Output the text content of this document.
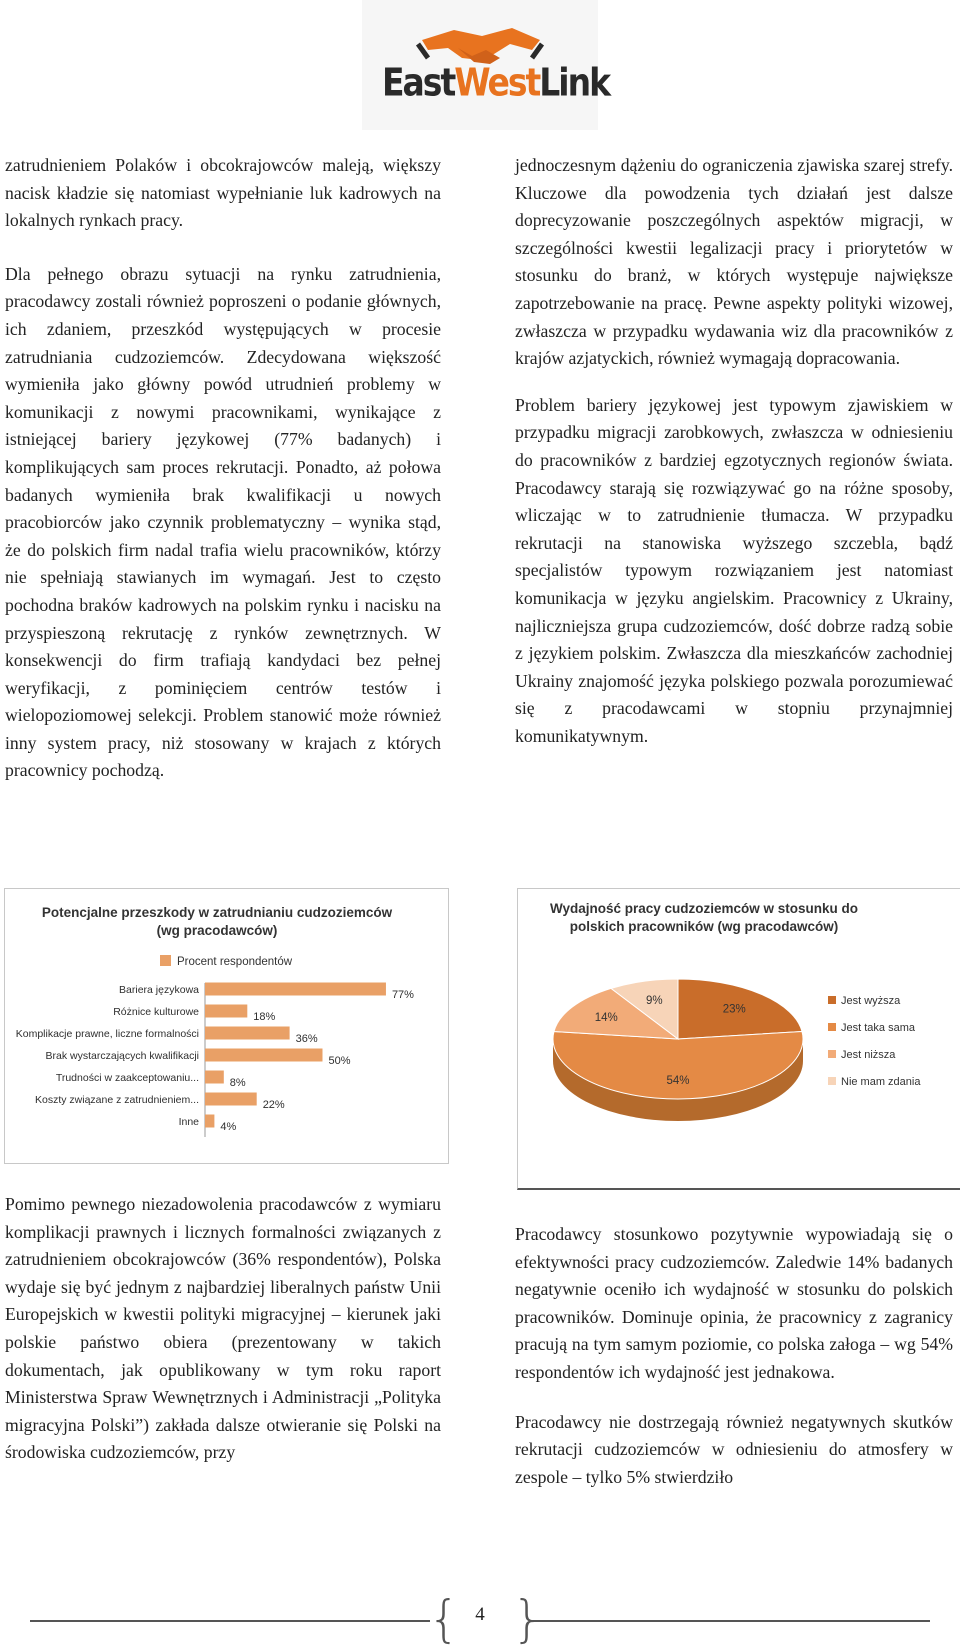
EastWestLink

zatrudnieniem Polaków i obcokrajowców maleją, większy nacisk kładzie się natomiast wypełnianie luk kadrowych na lokalnych rynkach pracy.

Dla pełnego obrazu sytuacji na rynku zatrudnienia, pracodawcy zostali również poproszeni o podanie głównych, ich zdaniem, przeszkód występujących w procesie zatrudniania cudzoziemców. Zdecydowana większość wymieniła jako główny powód utrudnień problemy w komunikacji z nowymi pracownikami, wynikające z istniejącej bariery językowej (77% badanych) i komplikujących sam proces rekrutacji. Ponadto, aż połowa badanych wymieniła brak kwalifikacji u nowych pracobiorców jako czynnik problematyczny – wynika stąd, że do polskich firm nadal trafia wielu pracowników, którzy nie spełniają stawianych im wymagań. Jest to często pochodna braków kadrowych na polskim rynku i nacisku na przyspieszoną rekrutację z rynków zewnętrznych. W konsekwencji do firm trafiają kandydaci bez pełnej weryfikacji, z pominięciem centrów testów i wielopoziomowej selekcji. Problem stanowić może również inny system pracy, niż stosowany w krajach z których pracownicy pochodzą.

jednoczesnym dążeniu do ograniczenia zjawiska szarej strefy. Kluczowe dla powodzenia tych działań jest dalsze doprecyzowanie poszczególnych aspektów migracji, w szczególności kwestii legalizacji pracy i priorytetów w stosunku do branż, w których występuje największe zapotrzebowanie na pracę. Pewne aspekty polityki wizowej, zwłaszcza w przypadku wydawania wiz dla pracowników z krajów azjatyckich, również wymagają dopracowania.

Problem bariery językowej jest typowym zjawiskiem w przypadku migracji zarobkowych, zwłaszcza w odniesieniu do pracowników z bardziej egzotycznych regionów świata. Pracodawcy starają się rozwiązywać go na różne sposoby, wliczając w to zatrudnienie tłumacza. W przypadku rekrutacji na stanowiska wyższego szczebla, bądź specjalistów typowym rozwiązaniem jest natomiast komunikacja w języku angielskim. Pracownicy z Ukrainy, najliczniejsza grupa cudzoziemców, dość dobrze radzą sobie z językiem polskim. Zwłaszcza dla mieszkańców zachodniej Ukrainy znajomość języka polskiego pozwala porozumiewać się z pracodawcami w stopniu przynajmniej komunikatywnym.

Potencjalne przeszkody w zatrudnianiu cudzoziemców
(wg pracodawców)
Procent respondentów
Bariera językowa	77%
Różnice kulturowe	18%
Komplikacje prawne, liczne formalności	36%
Brak wystarczających kwalifikacji	50%
Trudności w zaakceptowaniu...	8%
Koszty związane z zatrudnieniem...	22%
Inne 4%
Wydajność pracy cudzoziemców w stosunku do
polskich pracowników (wg pracodawców)
23%
54%
14%
9%	Jest wyższa
Jest taka sama
Jest niższa
Nie mam zdania

Pomimo pewnego niezadowolenia pracodawców z wymiaru komplikacji prawnych i licznych formalności związanych z zatrudnieniem obcokrajowców (36% respondentów), Polska wydaje się być jednym z najbardziej liberalnych państw Unii Europejskich w kwestii polityki migracyjnej – kierunek jaki polskie państwo obiera (prezentowany w takich dokumentach, jak opublikowany w tym roku raport Ministerstwa Spraw Wewnętrznych i Administracji „Polityka migracyjna Polski”) zakłada dalsze otwieranie się Polski na środowiska cudzoziemców, przy

Pracodawcy stosunkowo pozytywnie wypowiadają się o efektywności pracy cudzoziemców. Zaledwie 14% badanych negatywnie oceniło ich wydajność w stosunku do polskich pracowników. Dominuje opinia, że pracownicy z zagranicy pracują na tym samym poziomie, co polska załoga – wg 54% respondentów ich wydajność jest jednakowa.

Pracodawcy nie dostrzegają również negatywnych skutków rekrutacji cudzoziemców w odniesieniu do atmosfery w zespole – tylko 5% stwierdziło

{ }
4
